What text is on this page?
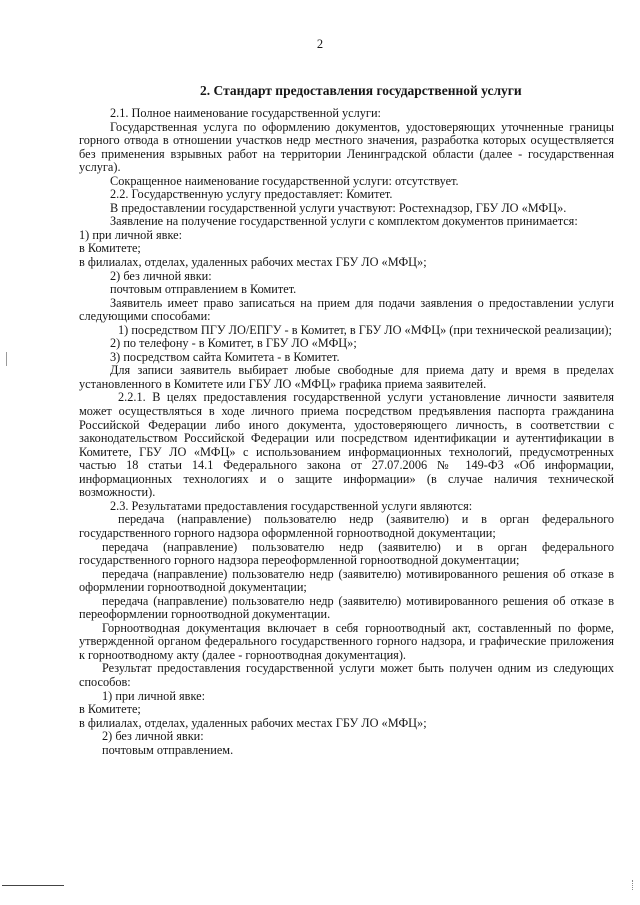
2
2. Стандарт предоставления государственной услуги

2.1. Полное наименование государственной услуги:

Государственная услуга по оформлению документов, удостоверяющих уточненные границы горного отвода в отношении участков недр местного значения, разработка которых осуществляется без применения взрывных работ на территории Ленинградской области (далее - государственная услуга).

Сокращенное наименование государственной услуги: отсутствует.

2.2. Государственную услугу предоставляет: Комитет.

В предоставлении государственной услуги участвуют: Ростехнадзор, ГБУ ЛО «МФЦ».

Заявление на получение государственной услуги с комплектом документов принимается:

1) при личной явке:

в Комитете;

в филиалах, отделах, удаленных рабочих местах ГБУ ЛО «МФЦ»;

2) без личной явки:

почтовым отправлением в Комитет.

Заявитель имеет право записаться на прием для подачи заявления о предоставлении услуги следующими способами:

1) посредством ПГУ ЛО/ЕПГУ - в Комитет, в ГБУ ЛО «МФЦ» (при технической реализации);

2) по телефону - в Комитет, в ГБУ ЛО «МФЦ»;

3) посредством сайта Комитета - в Комитет.

Для записи заявитель выбирает любые свободные для приема дату и время в пределах установленного в Комитете или ГБУ ЛО «МФЦ» графика приема заявителей.

2.2.1. В целях предоставления государственной услуги установление личности заявителя может осуществляться в ходе личного приема посредством предъявления паспорта гражданина Российской Федерации либо иного документа, удостоверяющего личность, в соответствии с законодательством Российской Федерации или посредством идентификации и аутентификации в Комитете, ГБУ ЛО «МФЦ» с использованием информационных технологий, предусмотренных частью 18 статьи 14.1 Федерального закона от 27.07.2006 № 149-ФЗ «Об информации, информационных технологиях и о защите информации» (в случае наличия технической возможности).

2.3. Результатами предоставления государственной услуги являются:

передача (направление) пользователю недр (заявителю) и в орган федерального государственного горного надзора оформленной горноотводной документации;

передача (направление) пользователю недр (заявителю) и в орган федерального государственного горного надзора переоформленной горноотводной документации;

передача (направление) пользователю недр (заявителю) мотивированного решения об отказе в оформлении горноотводной документации;

передача (направление) пользователю недр (заявителю) мотивированного решения об отказе в переоформлении горноотводной документации.

Горноотводная документация включает в себя горноотводный акт, составленный по форме, утвержденной органом федерального государственного горного надзора, и графические приложения к горноотводному акту (далее - горноотводная документация).

Результат предоставления государственной услуги может быть получен одним из следующих способов:

1) при личной явке:

в Комитете;

в филиалах, отделах, удаленных рабочих местах ГБУ ЛО «МФЦ»;

2) без личной явки:

почтовым отправлением.
